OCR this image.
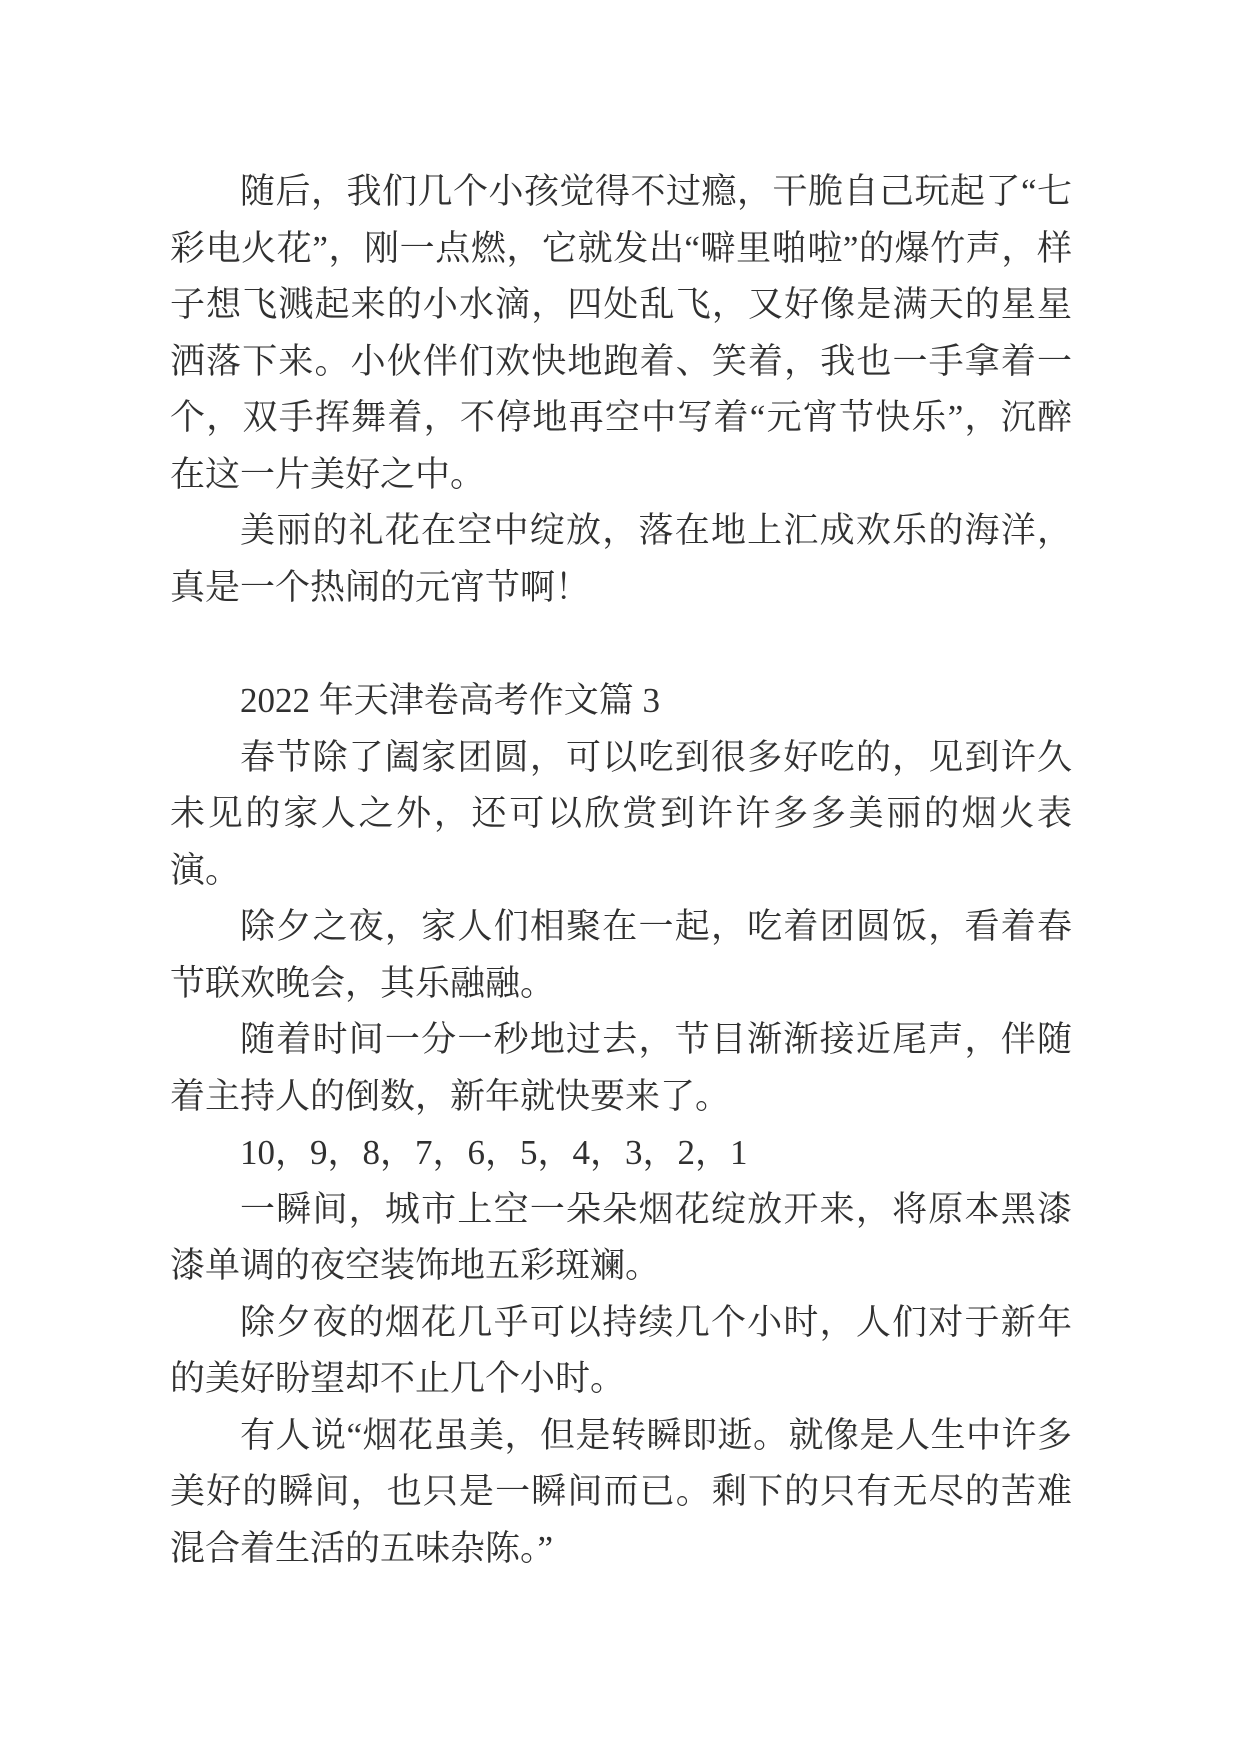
随后，我们几个小孩觉得不过瘾，干脆自己玩起了“七彩电火花”，刚一点燃，它就发出“噼里啪啦”的爆竹声，样子想飞溅起来的小水滴，四处乱飞，又好像是满天的星星洒落下来。小伙伴们欢快地跑着、笑着，我也一手拿着一个，双手挥舞着，不停地再空中写着“元宵节快乐”，沉醉在这一片美好之中。

美丽的礼花在空中绽放，落在地上汇成欢乐的海洋，真是一个热闹的元宵节啊！

2022 年天津卷高考作文篇 3

春节除了阖家团圆，可以吃到很多好吃的，见到许久未见的家人之外，还可以欣赏到许许多多美丽的烟火表演。

除夕之夜，家人们相聚在一起，吃着团圆饭，看着春节联欢晚会，其乐融融。

随着时间一分一秒地过去，节目渐渐接近尾声，伴随着主持人的倒数，新年就快要来了。

10，9，8，7，6，5，4，3，2，1

一瞬间，城市上空一朵朵烟花绽放开来，将原本黑漆漆单调的夜空装饰地五彩斑斓。

除夕夜的烟花几乎可以持续几个小时，人们对于新年的美好盼望却不止几个小时。

有人说“烟花虽美，但是转瞬即逝。就像是人生中许多美好的瞬间，也只是一瞬间而已。剩下的只有无尽的苦难混合着生活的五味杂陈。”
